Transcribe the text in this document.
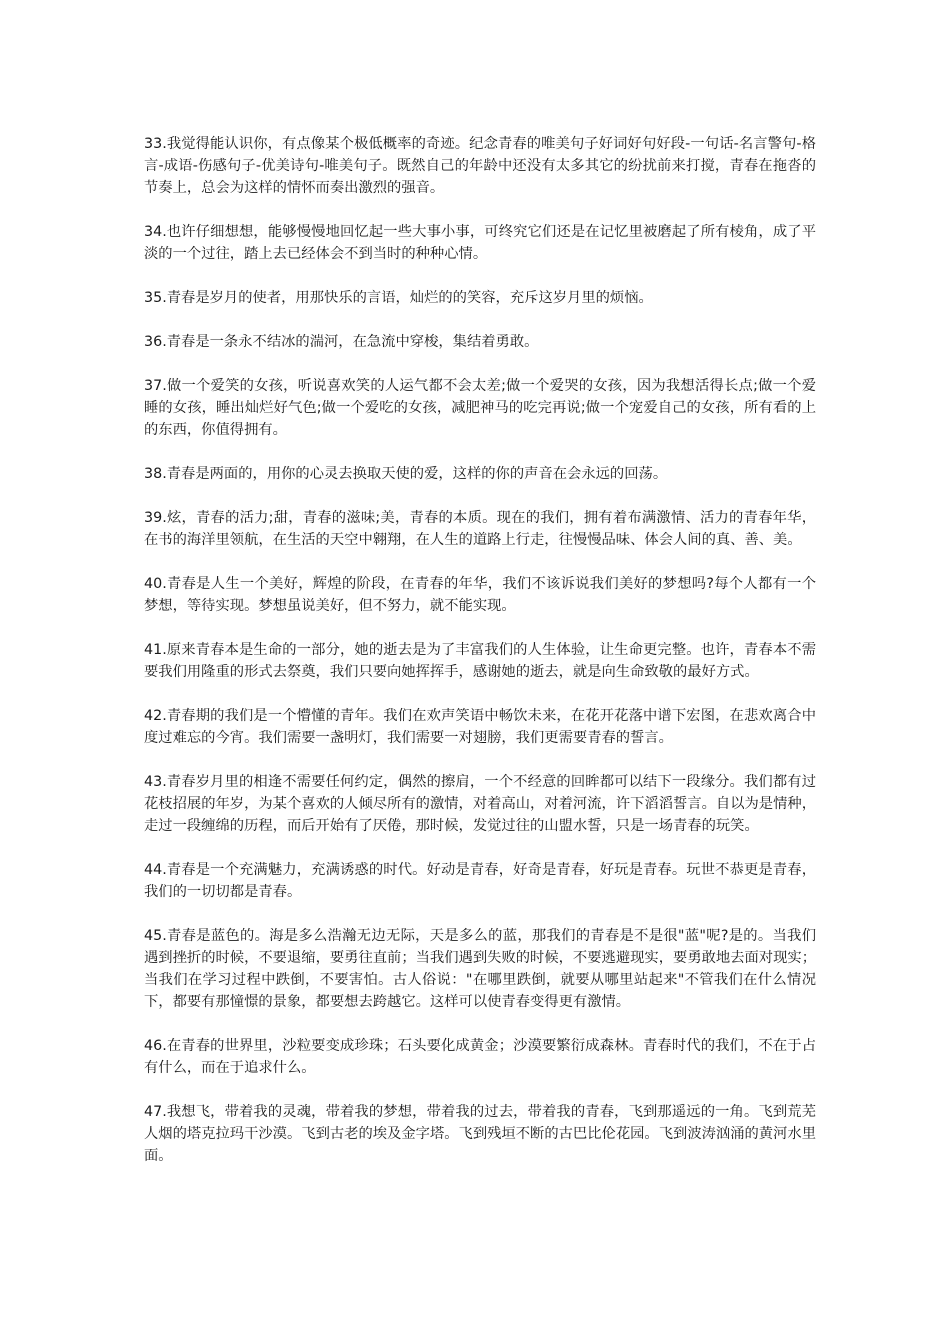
33.我觉得能认识你，有点像某个极低概率的奇迹。纪念青春的唯美句子好词好句好段-一句话-名言警句-格言-成语-伤感句子-优美诗句-唯美句子。既然自己的年龄中还没有太多其它的纷扰前来打搅，青春在拖沓的节奏上，总会为这样的情怀而奏出激烈的强音。

34.也许仔细想想，能够慢慢地回忆起一些大事小事，可终究它们还是在记忆里被磨起了所有棱角，成了平淡的一个过往，踏上去已经体会不到当时的种种心情。

35.青春是岁月的使者，用那快乐的言语，灿烂的的笑容，充斥这岁月里的烦恼。

36.青春是一条永不结冰的湍河，在急流中穿梭，集结着勇敢。

37.做一个爱笑的女孩，听说喜欢笑的人运气都不会太差;做一个爱哭的女孩，因为我想活得长点;做一个爱睡的女孩，睡出灿烂好气色;做一个爱吃的女孩，减肥神马的吃完再说;做一个宠爱自己的女孩，所有看的上的东西，你值得拥有。

38.青春是两面的，用你的心灵去换取天使的爱，这样的你的声音在会永远的回荡。

39.炫，青春的活力;甜，青春的滋味;美，青春的本质。现在的我们，拥有着布满激情、活力的青春年华，在书的海洋里领航，在生活的天空中翱翔，在人生的道路上行走，往慢慢品味、体会人间的真、善、美。

40.青春是人生一个美好，辉煌的阶段，在青春的年华，我们不该诉说我们美好的梦想吗?每个人都有一个梦想，等待实现。梦想虽说美好，但不努力，就不能实现。

41.原来青春本是生命的一部分，她的逝去是为了丰富我们的人生体验，让生命更完整。也许，青春本不需要我们用隆重的形式去祭奠，我们只要向她挥挥手，感谢她的逝去，就是向生命致敬的最好方式。

42.青春期的我们是一个懵懂的青年。我们在欢声笑语中畅饮未来，在花开花落中谱下宏图，在悲欢离合中度过难忘的今宵。我们需要一盏明灯，我们需要一对翅膀，我们更需要青春的誓言。

43.青春岁月里的相逢不需要任何约定，偶然的擦肩，一个不经意的回眸都可以结下一段缘分。我们都有过花枝招展的年岁，为某个喜欢的人倾尽所有的激情，对着高山，对着河流，许下滔滔誓言。自以为是情种，走过一段缠绵的历程，而后开始有了厌倦，那时候，发觉过往的山盟水誓，只是一场青春的玩笑。

44.青春是一个充满魅力，充满诱惑的时代。好动是青春，好奇是青春，好玩是青春。玩世不恭更是青春，我们的一切切都是青春。

45.青春是蓝色的。海是多么浩瀚无边无际，天是多么的蓝，那我们的青春是不是很"蓝"呢?是的。当我们遇到挫折的时候，不要退缩，要勇往直前；当我们遇到失败的时候，不要逃避现实，要勇敢地去面对现实；当我们在学习过程中跌倒，不要害怕。古人俗说："在哪里跌倒，就要从哪里站起来"不管我们在什么情况下，都要有那憧憬的景象，都要想去跨越它。这样可以使青春变得更有激情。

46.在青春的世界里，沙粒要变成珍珠；石头要化成黄金；沙漠要繁衍成森林。青春时代的我们，不在于占有什么，而在于追求什么。

47.我想飞，带着我的灵魂，带着我的梦想，带着我的过去，带着我的青春，飞到那遥远的一角。飞到荒芜人烟的塔克拉玛干沙漠。飞到古老的埃及金字塔。飞到残垣不断的古巴比伦花园。飞到波涛汹涌的黄河水里面。
